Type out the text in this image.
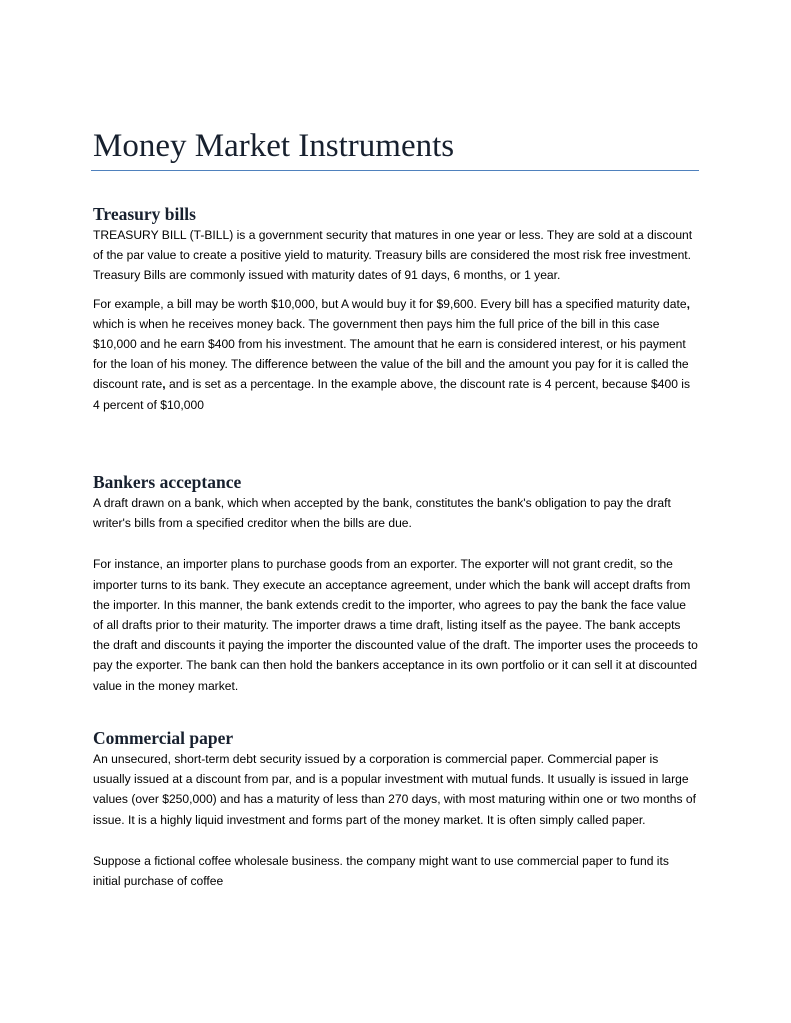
Money Market Instruments
Treasury bills

TREASURY BILL (T-BILL) is a government security that matures in one year or less. They are sold at a discount of the par value to create a positive yield to maturity. Treasury bills are considered the most risk free investment. Treasury Bills are commonly issued with maturity dates of 91 days, 6 months, or 1 year.

For example, a bill may be worth $10,000, but A would buy it for $9,600. Every bill has a specified maturity date, which is when he receives money back. The government then pays him the full price of the bill in this case $10,000 and he earn $400 from his investment. The amount that he earn is considered interest, or his payment for the loan of his money. The difference between the value of the bill and the amount you pay for it is called the discount rate, and is set as a percentage. In the example above, the discount rate is 4 percent, because $400 is 4 percent of $10,000

Bankers acceptance

A draft drawn on a bank, which when accepted by the bank, constitutes the bank's obligation to pay the draft writer's bills from a specified creditor when the bills are due.

For instance, an importer plans to purchase goods from an exporter. The exporter will not grant credit, so the importer turns to its bank. They execute an acceptance agreement, under which the bank will accept drafts from the importer. In this manner, the bank extends credit to the importer, who agrees to pay the bank the face value of all drafts prior to their maturity. The importer draws a time draft, listing itself as the payee. The bank accepts the draft and discounts it paying the importer the discounted value of the draft. The importer uses the proceeds to pay the exporter. The bank can then hold the bankers acceptance in its own portfolio or it can sell it at discounted value in the money market.

Commercial paper

An unsecured, short-term debt security issued by a corporation is commercial paper. Commercial paper is usually issued at a discount from par, and is a popular investment with mutual funds. It usually is issued in large values (over $250,000) and has a maturity of less than 270 days, with most maturing within one or two months of issue. It is a highly liquid investment and forms part of the money market. It is often simply called paper.

Suppose a fictional coffee wholesale business. the company might want to use commercial paper to fund its initial purchase of coffee
